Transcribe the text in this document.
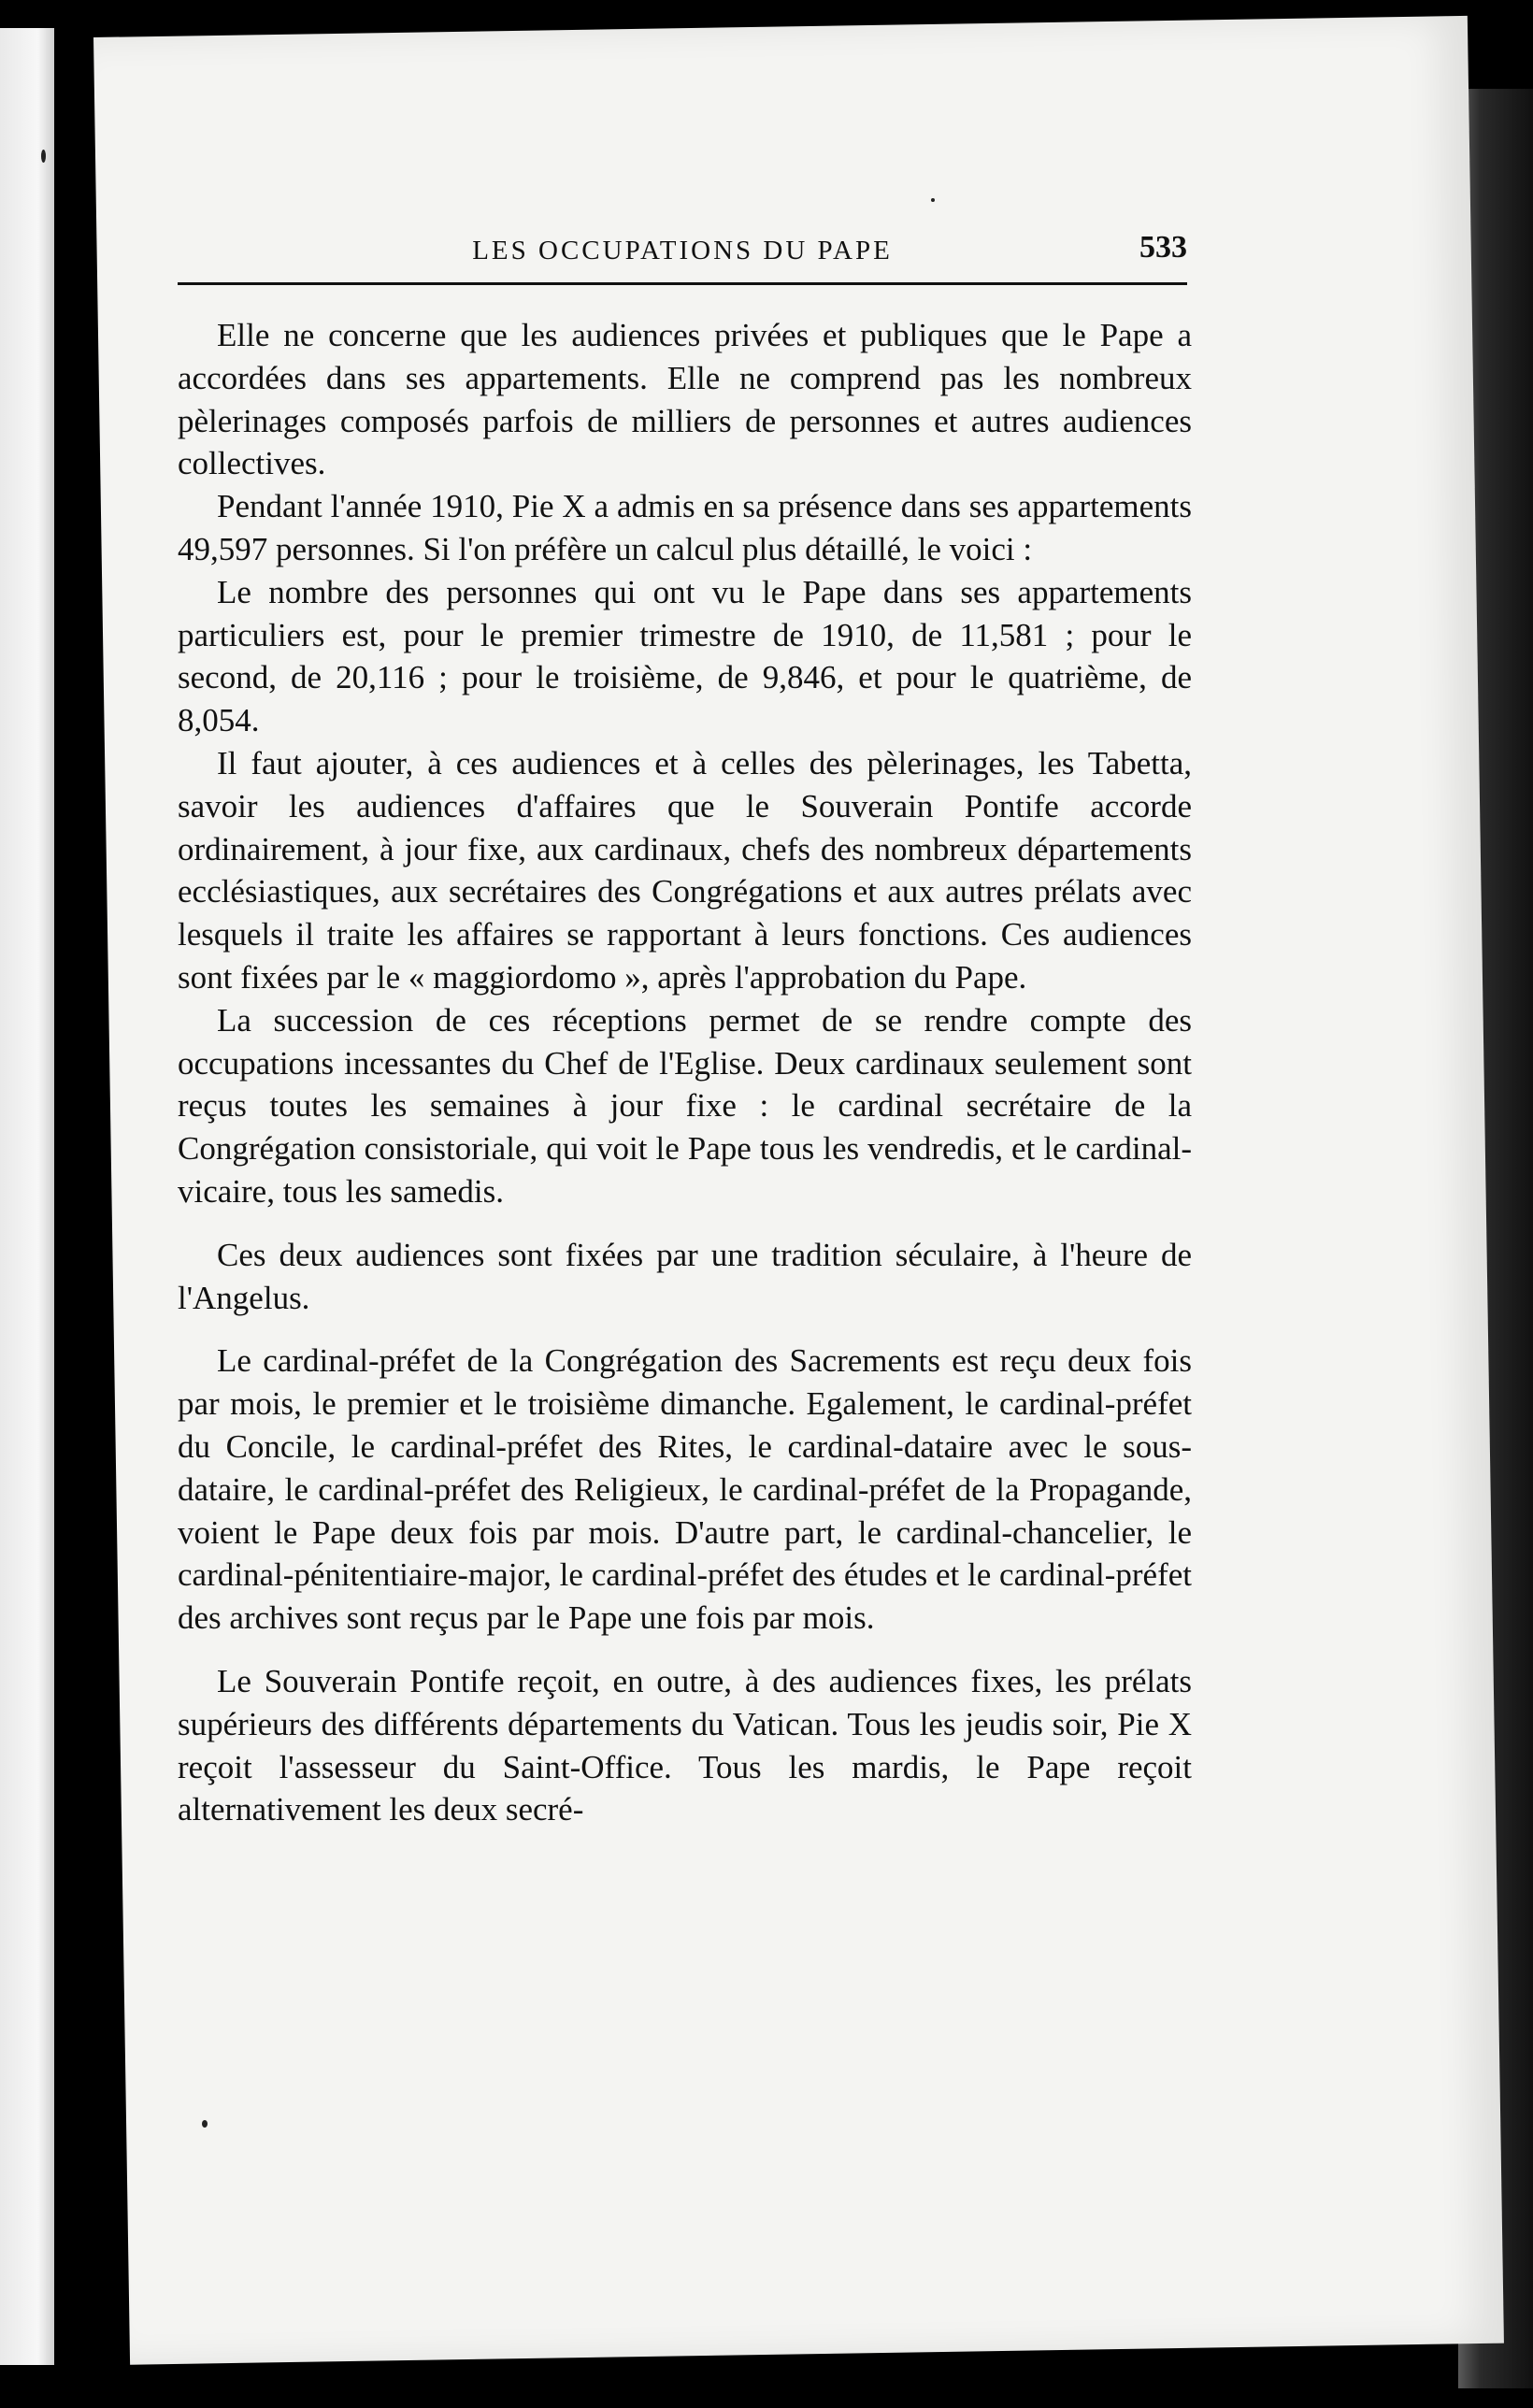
LES OCCUPATIONS DU PAPE	533

Elle ne concerne que les audiences privées et publiques que le Pape a accordées dans ses appartements. Elle ne comprend pas les nombreux pèlerinages composés parfois de milliers de personnes et autres audiences collectives.

Pendant l'année 1910, Pie X a admis en sa présence dans ses appartements 49,597 personnes. Si l'on préfère un calcul plus détaillé, le voici :

Le nombre des personnes qui ont vu le Pape dans ses appartements particuliers est, pour le premier trimestre de 1910, de 11,581 ; pour le second, de 20,116 ; pour le troisième, de 9,846, et pour le quatrième, de 8,054.

Il faut ajouter, à ces audiences et à celles des pèlerinages, les Tabetta, savoir les audiences d'affaires que le Souverain Pontife accorde ordinairement, à jour fixe, aux cardinaux, chefs des nombreux départements ecclésiastiques, aux secrétaires des Congrégations et aux autres prélats avec lesquels il traite les affaires se rapportant à leurs fonctions. Ces audiences sont fixées par le « maggiordomo », après l'approbation du Pape.

La succession de ces réceptions permet de se rendre compte des occupations incessantes du Chef de l'Eglise. Deux cardinaux seulement sont reçus toutes les semaines à jour fixe : le cardinal secrétaire de la Congrégation consistoriale, qui voit le Pape tous les vendredis, et le cardinal-vicaire, tous les samedis.

Ces deux audiences sont fixées par une tradition séculaire, à l'heure de l'Angelus.

Le cardinal-préfet de la Congrégation des Sacrements est reçu deux fois par mois, le premier et le troisième dimanche. Egalement, le cardinal-préfet du Concile, le cardinal-préfet des Rites, le cardinal-dataire avec le sous-dataire, le cardinal-préfet des Religieux, le cardinal-préfet de la Propagande, voient le Pape deux fois par mois. D'autre part, le cardinal-chancelier, le cardinal-pénitentiaire-major, le cardinal-préfet des études et le cardinal-préfet des archives sont reçus par le Pape une fois par mois.

Le Souverain Pontife reçoit, en outre, à des audiences fixes, les prélats supérieurs des différents départements du Vatican. Tous les jeudis soir, Pie X reçoit l'assesseur du Saint-Office. Tous les mardis, le Pape reçoit alternativement les deux secré-
